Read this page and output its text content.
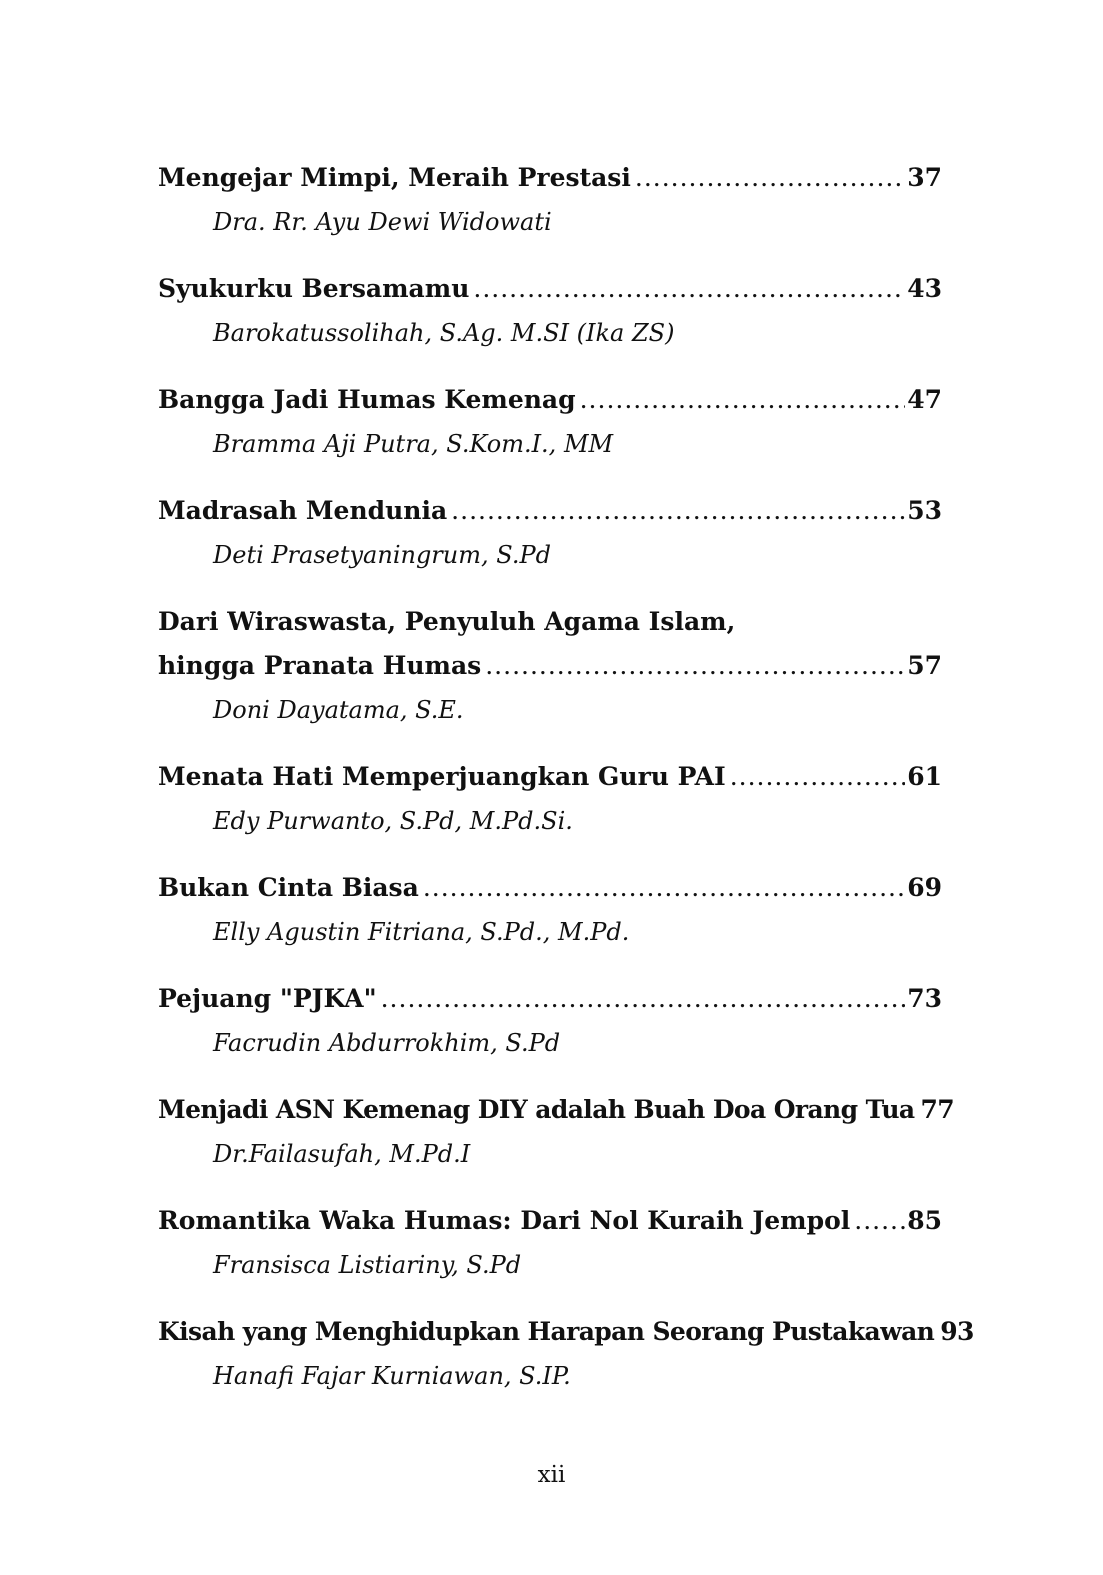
Mengejar Mimpi, Meraih Prestasi .....	37
Dra. Rr. Ayu Dewi Widowati
Syukurku Bersamamu .....	43
Barokatussolihah, S.Ag. M.SI (Ika ZS)
Bangga Jadi Humas Kemenag .....	47
Bramma Aji Putra, S.Kom.I., MM
Madrasah Mendunia .....	53
Deti Prasetyaningrum, S.Pd
Dari Wiraswasta, Penyuluh Agama Islam,
hingga Pranata Humas .....	57
Doni Dayatama, S.E.
Menata Hati Memperjuangkan Guru PAI .....	61
Edy Purwanto, S.Pd, M.Pd.Si.
Bukan Cinta Biasa .....	69
Elly Agustin Fitriana, S.Pd., M.Pd.
Pejuang "PJKA" .....	73
Facrudin Abdurrokhim, S.Pd
Menjadi ASN Kemenag DIY adalah Buah Doa Orang Tua 77
Dr.Failasufah, M.Pd.I
Romantika Waka Humas: Dari Nol Kuraih Jempol ..... 85
Fransisca Listiariny, S.Pd
Kisah yang Menghidupkan Harapan Seorang Pustakawan 93
Hanafi Fajar Kurniawan, S.IP.
xii
